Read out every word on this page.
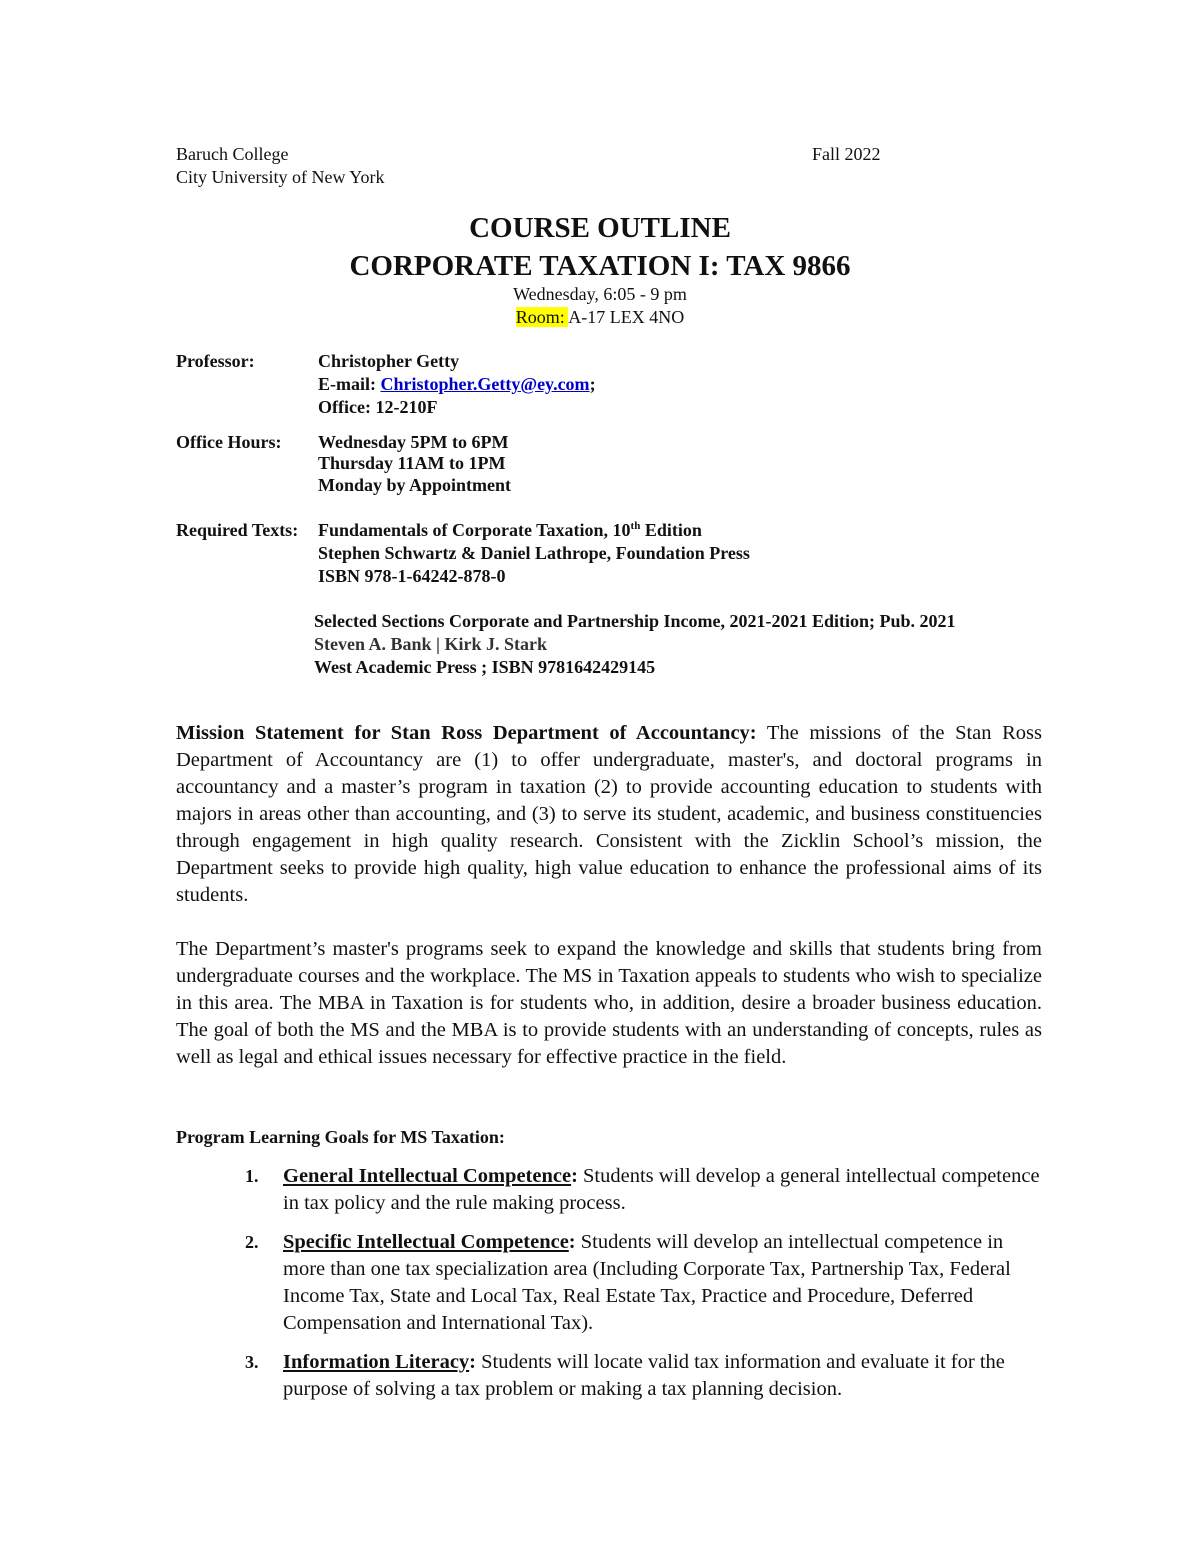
Baruch College
City University of New York
Fall 2022
COURSE OUTLINE
CORPORATE TAXATION I: TAX 9866
Wednesday, 6:05 - 9 pm
Room: A-17 LEX 4NO
Professor:	Christopher Getty
E-mail: Christopher.Getty@ey.com;
Office: 12-210F
Office Hours: Wednesday 5PM to 6PM
Thursday 11AM to 1PM
Monday by Appointment
Required Texts: Fundamentals of Corporate Taxation, 10th Edition
Stephen Schwartz & Daniel Lathrope, Foundation Press
ISBN 978-1-64242-878-0
Selected Sections Corporate and Partnership Income, 2021-2021 Edition; Pub. 2021
Steven A. Bank | Kirk J. Stark
West Academic Press ; ISBN 9781642429145
Mission Statement for Stan Ross Department of Accountancy: The missions of the Stan Ross Department of Accountancy are (1) to offer undergraduate, master's, and doctoral programs in accountancy and a master’s program in taxation (2) to provide accounting education to students with majors in areas other than accounting, and (3) to serve its student, academic, and business constituencies through engagement in high quality research. Consistent with the Zicklin School’s mission, the Department seeks to provide high quality, high value education to enhance the professional aims of its students.
The Department’s master's programs seek to expand the knowledge and skills that students bring from undergraduate courses and the workplace. The MS in Taxation appeals to students who wish to specialize in this area. The MBA in Taxation is for students who, in addition, desire a broader business education. The goal of both the MS and the MBA is to provide students with an understanding of concepts, rules as well as legal and ethical issues necessary for effective practice in the field.
Program Learning Goals for MS Taxation:
1. General Intellectual Competence: Students will develop a general intellectual competence in tax policy and the rule making process.
2. Specific Intellectual Competence: Students will develop an intellectual competence in more than one tax specialization area (Including Corporate Tax, Partnership Tax, Federal Income Tax, State and Local Tax, Real Estate Tax, Practice and Procedure, Deferred Compensation and International Tax).
3. Information Literacy: Students will locate valid tax information and evaluate it for the purpose of solving a tax problem or making a tax planning decision.
